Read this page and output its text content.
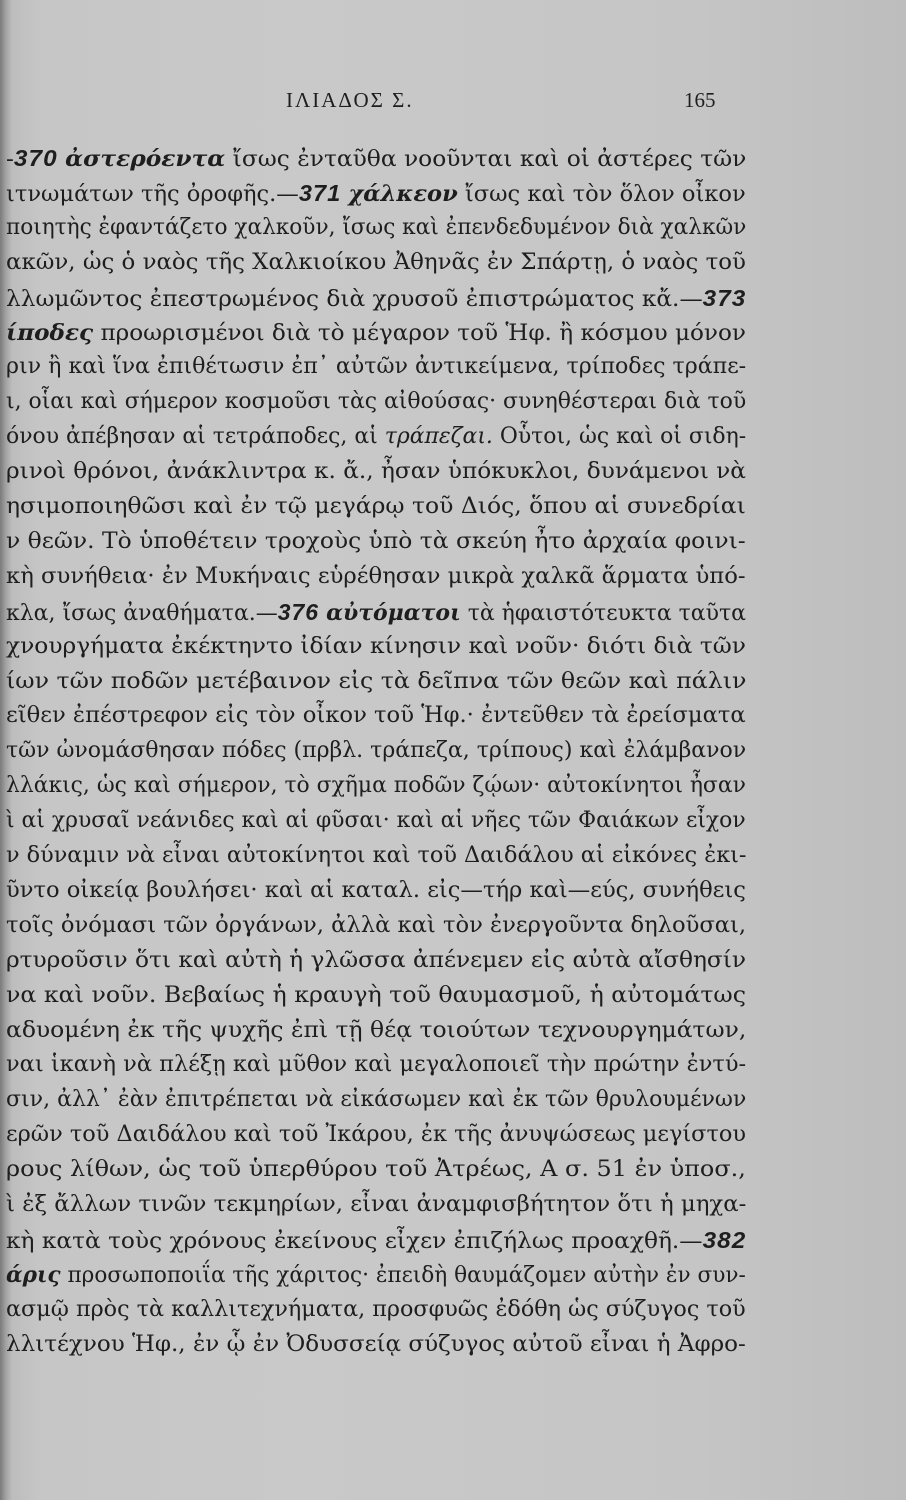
ΙΛΙΑΔΟΣ Σ.	165
-370 ἀστερόεντα ἴσως ἐνταῦθα νοοῦνται καὶ οἱ ἀστέρες τῶν
ιτνωμάτων τῆς ὀροφῆς.—371 χάλκεον ἴσως καὶ τὸν ὅλον οἶκον
ποιητὴς ἐφαντάζετο χαλκοῦν, ἴσως καὶ ἐπενδεδυμένον διὰ χαλκῶν
ακῶν, ὡς ὁ ναὸς τῆς Χαλκιοίκου Ἀθηνᾶς ἐν Σπάρτῃ, ὁ ναὸς τοῦ
λλωμῶντος ἐπεστρωμένος διὰ χρυσοῦ ἐπιστρώματος κἄ.—373
ίποδες προωρισμένοι διὰ τὸ μέγαρον τοῦ Ἡφ. ἢ κόσμου μόνον
ριν ἢ καὶ ἵνα ἐπιθέτωσιν ἐπ᾽ αὐτῶν ἀντικείμενα, τρίποδες τράπε-
ι, οἷαι καὶ σήμερον κοσμοῦσι τὰς αἰθούσας· συνηθέστεραι διὰ τοῦ
όνου ἀπέβησαν αἱ τετράποδες, αἱ τράπεζαι. Οὗτοι, ὡς καὶ οἱ σιδη-
ρινοὶ θρόνοι, ἀνάκλιντρα κ. ἄ., ἦσαν ὑπόκυκλοι, δυνάμενοι νὰ
ησιμοποιηθῶσι καὶ ἐν τῷ μεγάρῳ τοῦ Διός, ὅπου αἱ συνεδρίαι
ν θεῶν. Τὸ ὑποθέτειν τροχοὺς ὑπὸ τὰ σκεύη ἦτο ἀρχαία φοινι-
κὴ συνήθεια· ἐν Μυκήναις εὑρέθησαν μικρὰ χαλκᾶ ἅρματα ὑπό-
κλα, ἴσως ἀναθήματα.—376 αὐτόματοι τὰ ἡφαιστότευκτα ταῦτα
χνουργήματα ἐκέκτηντο ἰδίαν κίνησιν καὶ νοῦν· διότι διὰ τῶν
ίων τῶν ποδῶν μετέβαινον εἰς τὰ δεῖπνα τῶν θεῶν καὶ πάλιν
εῖθεν ἐπέστρεφον εἰς τὸν οἶκον τοῦ Ἡφ.· ἐντεῦθεν τὰ ἐρείσματα
τῶν ὠνομάσθησαν πόδες (πρβλ. τράπεζα, τρίπους) καὶ ἐλάμβανον
λλάκις, ὡς καὶ σήμερον, τὸ σχῆμα ποδῶν ζῴων· αὐτοκίνητοι ἦσαν
ὶ αἱ χρυσαῖ νεάνιδες καὶ αἱ φῦσαι· καὶ αἱ νῆες τῶν Φαιάκων εἶχον
ν δύναμιν νὰ εἶναι αὐτοκίνητοι καὶ τοῦ Δαιδάλου αἱ εἰκόνες ἐκι-
ῦντο οἰκείᾳ βουλήσει· καὶ αἱ καταλ. εἰς—τήρ καὶ—εύς, συνήθεις
τοῖς ὀνόμασι τῶν ὀργάνων, ἀλλὰ καὶ τὸν ἐνεργοῦντα δηλοῦσαι,
ρτυροῦσιν ὅτι καὶ αὐτὴ ἡ γλῶσσα ἀπένεμεν εἰς αὐτὰ αἴσθησίν
να καὶ νοῦν. Βεβαίως ἡ κραυγὴ τοῦ θαυμασμοῦ, ἡ αὐτομάτως
αδυομένη ἐκ τῆς ψυχῆς ἐπὶ τῇ θέᾳ τοιούτων τεχνουργημάτων,
ναι ἱκανὴ νὰ πλέξῃ καὶ μῦθον καὶ μεγαλοποιεῖ τὴν πρώτην ἐντύ-
σιν, ἀλλ᾽ ἐὰν ἐπιτρέπεται νὰ εἰκάσωμεν καὶ ἐκ τῶν θρυλουμένων
ερῶν τοῦ Δαιδάλου καὶ τοῦ Ἰκάρου, ἐκ τῆς ἀνυψώσεως μεγίστου
ρους λίθων, ὡς τοῦ ὑπερθύρου τοῦ Ἀτρέως, Α σ. 51 ἐν ὑποσ.,
ὶ ἐξ ἄλλων τινῶν τεκμηρίων, εἶναι ἀναμφισβήτητον ὅτι ἡ μηχα-
κὴ κατὰ τοὺς χρόνους ἐκείνους εἶχεν ἐπιζήλως προαχθῆ.—382
άρις προσωποποιΐα τῆς χάριτος· ἐπειδὴ θαυμάζομεν αὐτὴν ἐν συν-
ασμῷ πρὸς τὰ καλλιτεχνήματα, προσφυῶς ἐδόθη ὡς σύζυγος τοῦ
λλιτέχνου Ἡφ., ἐν ᾧ ἐν Ὀδυσσείᾳ σύζυγος αὐτοῦ εἶναι ἡ Ἀφρο-
